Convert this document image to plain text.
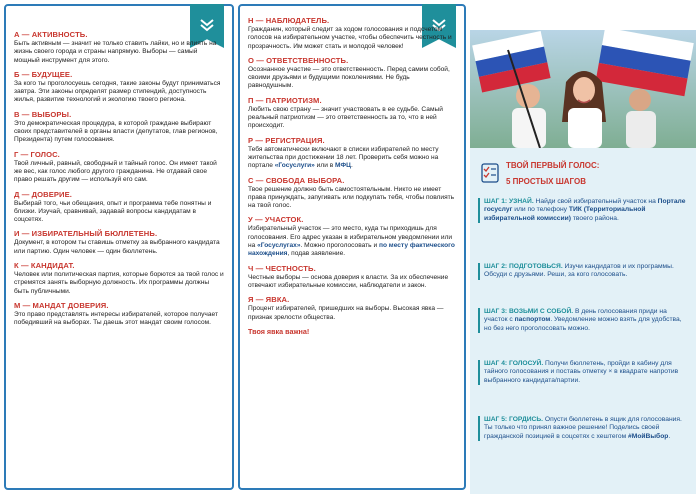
А — АКТИВНОСТЬ.
Быть активным — значит не только ставить лайки, но и влиять на жизнь своего города и страны напрямую. Выборы — самый мощный инструмент для этого.
Б — БУДУЩЕЕ.
За кого ты проголосуешь сегодня, такие законы будут приниматься завтра. Эти законы определят размер стипендий, доступность жилья, развитие технологий и экологию твоего региона.
В — ВЫБОРЫ.
Это демократическая процедура, в которой граждане выбирают своих представителей в органы власти (депутатов, глав регионов, Президента) путем голосования.
Г — ГОЛОС.
Твой личный, равный, свободный и тайный голос. Он имеет такой же вес, как голос любого другого гражданина. Не отдавай свое право решать другим — используй его сам.
Д — ДОВЕРИЕ.
Выбирай того, чьи обещания, опыт и программа тебе понятны и близки. Изучай, сравнивай, задавай вопросы кандидатам в соцсетях.
И — ИЗБИРАТЕЛЬНЫЙ БЮЛЛЕТЕНЬ.
Документ, в котором ты ставишь отметку за выбранного кандидата или партию. Один человек — один бюллетень.
К — КАНДИДАТ.
Человек или политическая партия, которые борются за твой голос и стремятся занять выборную должность. Их программы должны быть публичными.
М — МАНДАТ ДОВЕРИЯ.
Это право представлять интересы избирателей, которое получает победивший на выборах. Ты даешь этот мандат своим голосом.
Н — НАБЛЮДАТЕЛЬ.
Гражданин, который следит за ходом голосования и подсчетом голосов на избирательном участке, чтобы обеспечить честность и прозрачность. Им может стать и молодой человек!
О — ОТВЕТСТВЕННОСТЬ.
Осознанное участие — это ответственность. Перед самим собой, своими друзьями и будущими поколениями. Не будь равнодушным.
П — ПАТРИОТИЗМ.
Любить свою страну — значит участвовать в ее судьбе. Самый реальный патриотизм — это ответственность за то, что в ней происходит.
Р — РЕГИСТРАЦИЯ.
Тебя автоматически включают в списки избирателей по месту жительства при достижении 18 лет. Проверить себя можно на портале «Госуслуги» или в МФЦ.
С — СВОБОДА ВЫБОРА.
Твое решение должно быть самостоятельным. Никто не имеет права принуждать, запугивать или подкупать тебя, чтобы повлиять на твой голос.
У — УЧАСТОК.
Избирательный участок — это место, куда ты приходишь для голосования. Его адрес указан в избирательном уведомлении или на «Госуслугах». Можно проголосовать и по месту фактического нахождения, подав заявление.
Ч — ЧЕСТНОСТЬ.
Честные выборы — основа доверия к власти. За их обеспечение отвечают избирательные комиссии, наблюдатели и закон.
Я — ЯВКА.
Процент избирателей, пришедших на выборы. Высокая явка — признак зрелости общества.
Твоя явка важна!
ТВОЙ ПЕРВЫЙ ГОЛОС:
5 ПРОСТЫХ ШАГОВ
ШАГ 1: УЗНАЙ. Найди свой избирательный участок на Порталe госуслуг или по телефону ТИК (Территориальной избирательной комиссии) твоего района.
ШАГ 2: ПОДГОТОВЬСЯ. Изучи кандидатов и их программы. Обсуди с друзьями. Реши, за кого голосовать.
ШАГ 3: ВОЗЬМИ С СОБОЙ. В день голосования приди на участок с паспортом. Уведомление можно взять для удобства, но без него проголосовать можно.
ШАГ 4: ГОЛОСУЙ. Получи бюллетень, пройди в кабину для тайного голосования и поставь отметку × в квадрате напротив выбранного кандидата/партии.
ШАГ 5: ГОРДИСЬ. Опусти бюллетень в ящик для голосования. Ты только что принял важное решение! Поделись своей гражданской позицией в соцсетях с хештегом #МойВыбор.
